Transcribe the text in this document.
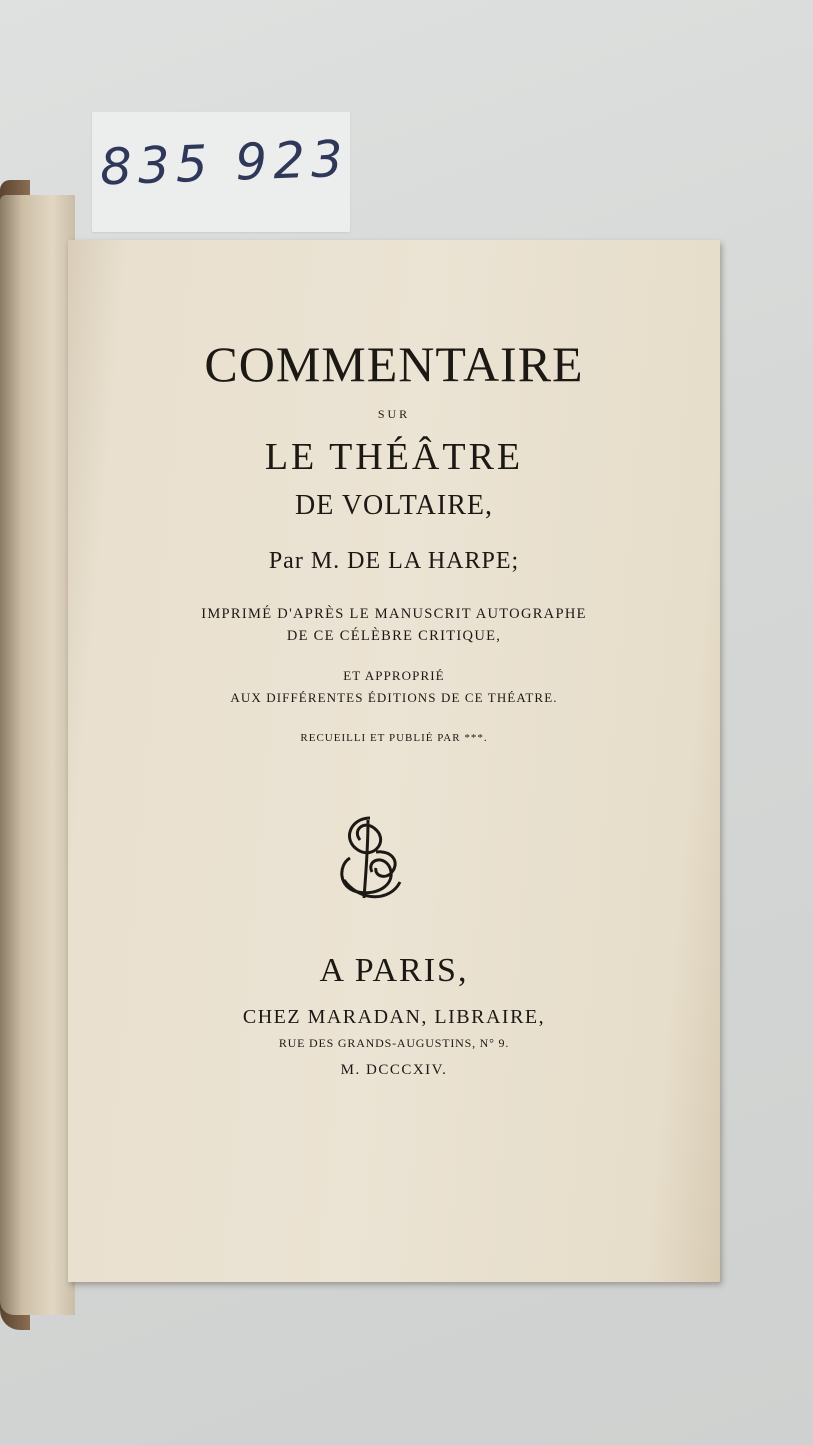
835 923
COMMENTAIRE
sur
LE THÉÂTRE
DE VOLTAIRE,
Par M. DE LA HARPE;
IMPRIMÉ D'APRÈS LE MANUSCRIT AUTOGRAPHE
DE CE CÉLÈBRE CRITIQUE,
ET APPROPRIÉ
AUX DIFFÉRENTES ÉDITIONS DE CE THÉATRE.
RECUEILLI ET PUBLIÉ PAR ***.
A PARIS,
CHEZ MARADAN, LIBRAIRE,
RUE DES GRANDS-AUGUSTINS, N° 9.
M. DCCCXIV.
